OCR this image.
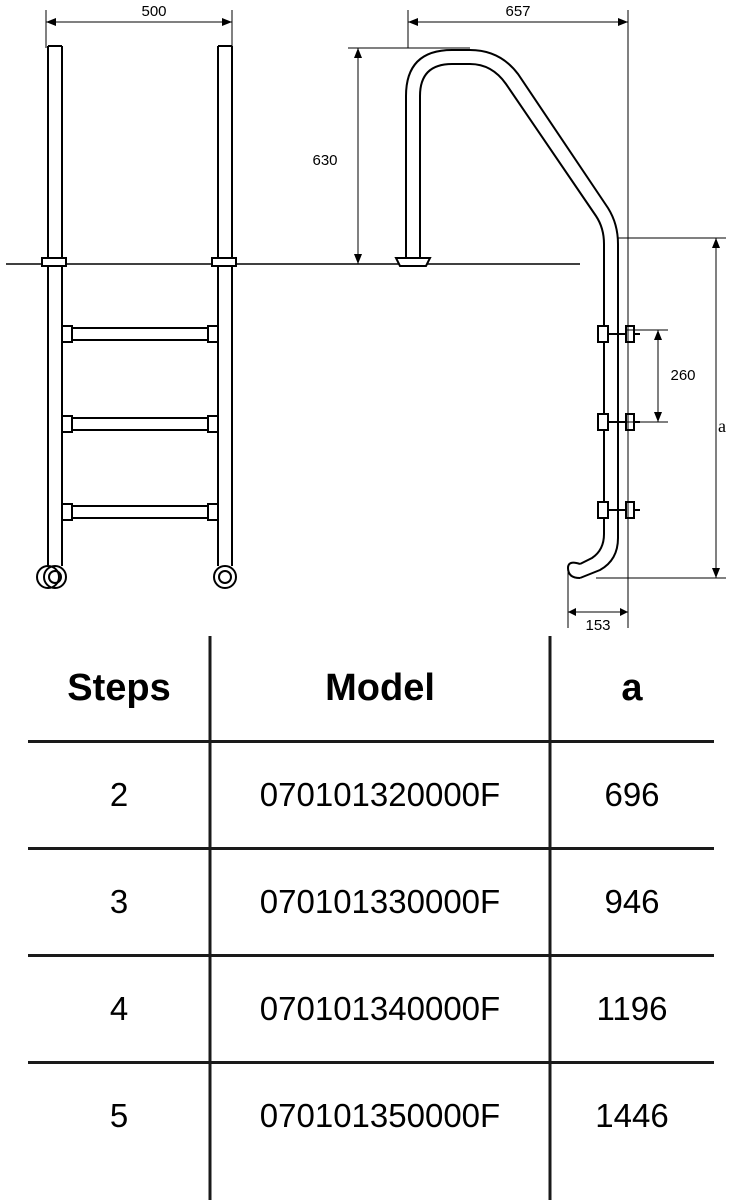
500	657
630
260
153
a
Steps	Model	a
2	070101320000F	696
3	070101330000F	946
4	070101340000F	1196
5	070101350000F	1446
